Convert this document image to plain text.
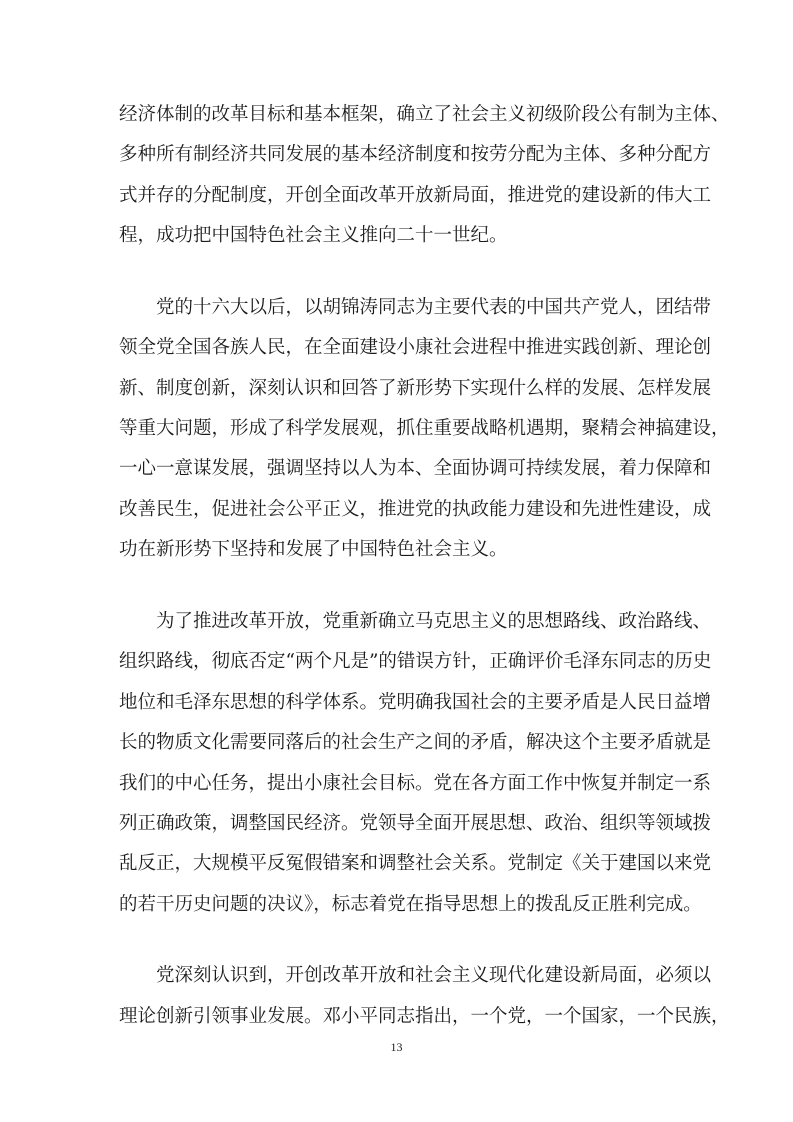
经济体制的改革目标和基本框架，确立了社会主义初级阶段公有制为主体、
多种所有制经济共同发展的基本经济制度和按劳分配为主体、多种分配方
式并存的分配制度，开创全面改革开放新局面，推进党的建设新的伟大工
程，成功把中国特色社会主义推向二十一世纪。
党的十六大以后，以胡锦涛同志为主要代表的中国共产党人，团结带
领全党全国各族人民，在全面建设小康社会进程中推进实践创新、理论创
新、制度创新，深刻认识和回答了新形势下实现什么样的发展、怎样发展
等重大问题，形成了科学发展观，抓住重要战略机遇期，聚精会神搞建设，
一心一意谋发展，强调坚持以人为本、全面协调可持续发展，着力保障和
改善民生，促进社会公平正义，推进党的执政能力建设和先进性建设，成
功在新形势下坚持和发展了中国特色社会主义。
为了推进改革开放，党重新确立马克思主义的思想路线、政治路线、
组织路线，彻底否定“两个凡是”的错误方针，正确评价毛泽东同志的历史
地位和毛泽东思想的科学体系。党明确我国社会的主要矛盾是人民日益增
长的物质文化需要同落后的社会生产之间的矛盾，解决这个主要矛盾就是
我们的中心任务，提出小康社会目标。党在各方面工作中恢复并制定一系
列正确政策，调整国民经济。党领导全面开展思想、政治、组织等领域拨
乱反正，大规模平反冤假错案和调整社会关系。党制定《关于建国以来党
的若干历史问题的决议》，标志着党在指导思想上的拨乱反正胜利完成。
党深刻认识到，开创改革开放和社会主义现代化建设新局面，必须以
理论创新引领事业发展。邓小平同志指出，一个党，一个国家，一个民族，
13
